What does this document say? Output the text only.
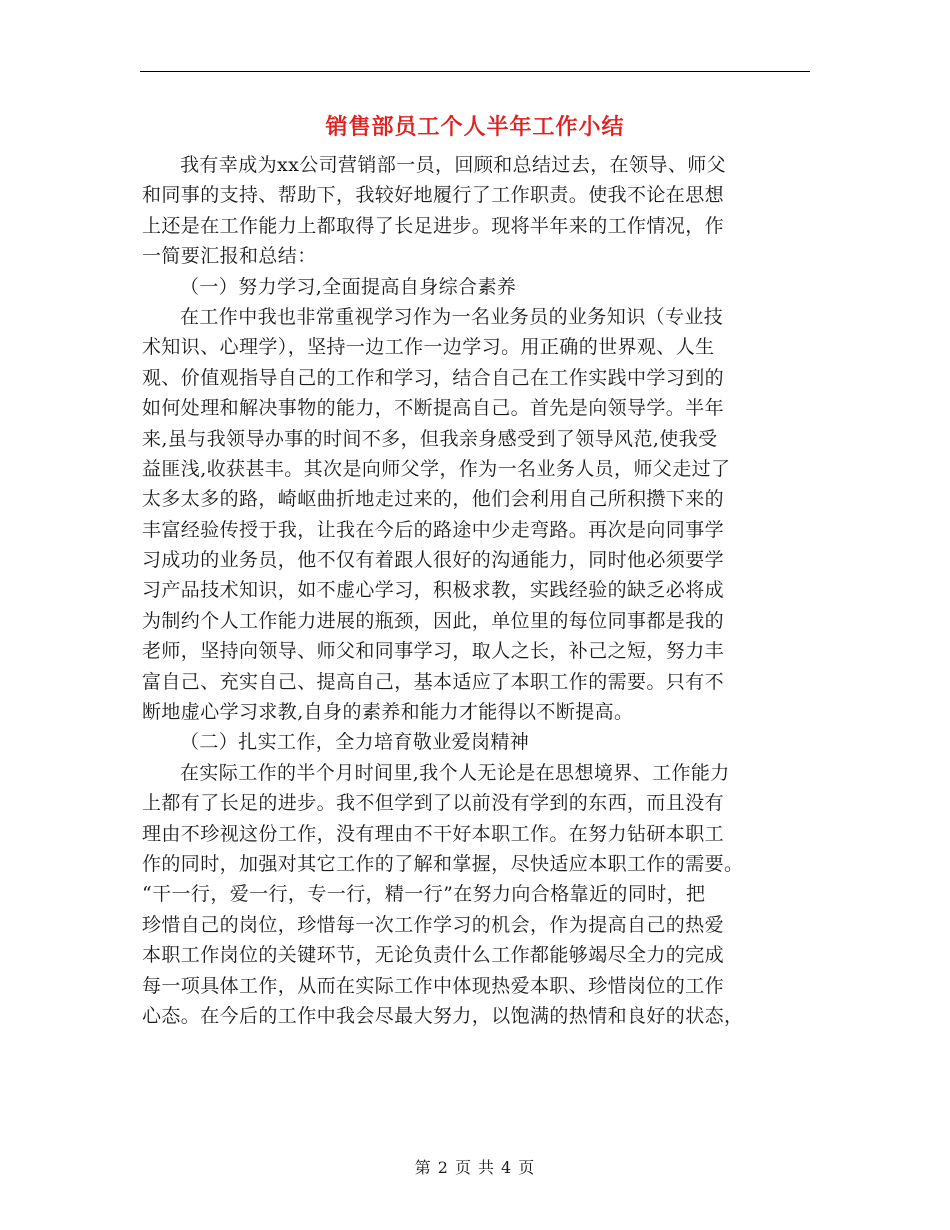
销售部员工个人半年工作小结
我有幸成为xx公司营销部一员，回顾和总结过去，在领导、师父
和同事的支持、帮助下，我较好地履行了工作职责。使我不论在思想
上还是在工作能力上都取得了长足进步。现将半年来的工作情况，作
一简要汇报和总结：
（一）努力学习,全面提高自身综合素养
在工作中我也非常重视学习作为一名业务员的业务知识（专业技
术知识、心理学），坚持一边工作一边学习。用正确的世界观、人生
观、价值观指导自己的工作和学习，结合自己在工作实践中学习到的
如何处理和解决事物的能力，不断提高自己。首先是向领导学。半年
来,虽与我领导办事的时间不多，但我亲身感受到了领导风范,使我受
益匪浅,收获甚丰。其次是向师父学，作为一名业务人员，师父走过了
太多太多的路，崎岖曲折地走过来的，他们会利用自己所积攒下来的
丰富经验传授于我，让我在今后的路途中少走弯路。再次是向同事学
习成功的业务员，他不仅有着跟人很好的沟通能力，同时他必须要学
习产品技术知识，如不虚心学习，积极求教，实践经验的缺乏必将成
为制约个人工作能力进展的瓶颈，因此，单位里的每位同事都是我的
老师，坚持向领导、师父和同事学习，取人之长，补己之短，努力丰
富自己、充实自己、提高自己，基本适应了本职工作的需要。只有不
断地虚心学习求教,自身的素养和能力才能得以不断提高。
（二）扎实工作，全力培育敬业爱岗精神
在实际工作的半个月时间里,我个人无论是在思想境界、工作能力
上都有了长足的进步。我不但学到了以前没有学到的东西，而且没有
理由不珍视这份工作，没有理由不干好本职工作。在努力钻研本职工
作的同时，加强对其它工作的了解和掌握，尽快适应本职工作的需要。
“干一行，爱一行，专一行，精一行”在努力向合格靠近的同时，把
珍惜自己的岗位，珍惜每一次工作学习的机会，作为提高自己的热爱
本职工作岗位的关键环节，无论负责什么工作都能够竭尽全力的完成
每一项具体工作，从而在实际工作中体现热爱本职、珍惜岗位的工作
心态。在今后的工作中我会尽最大努力，以饱满的热情和良好的状态，
第 2 页 共 4 页
